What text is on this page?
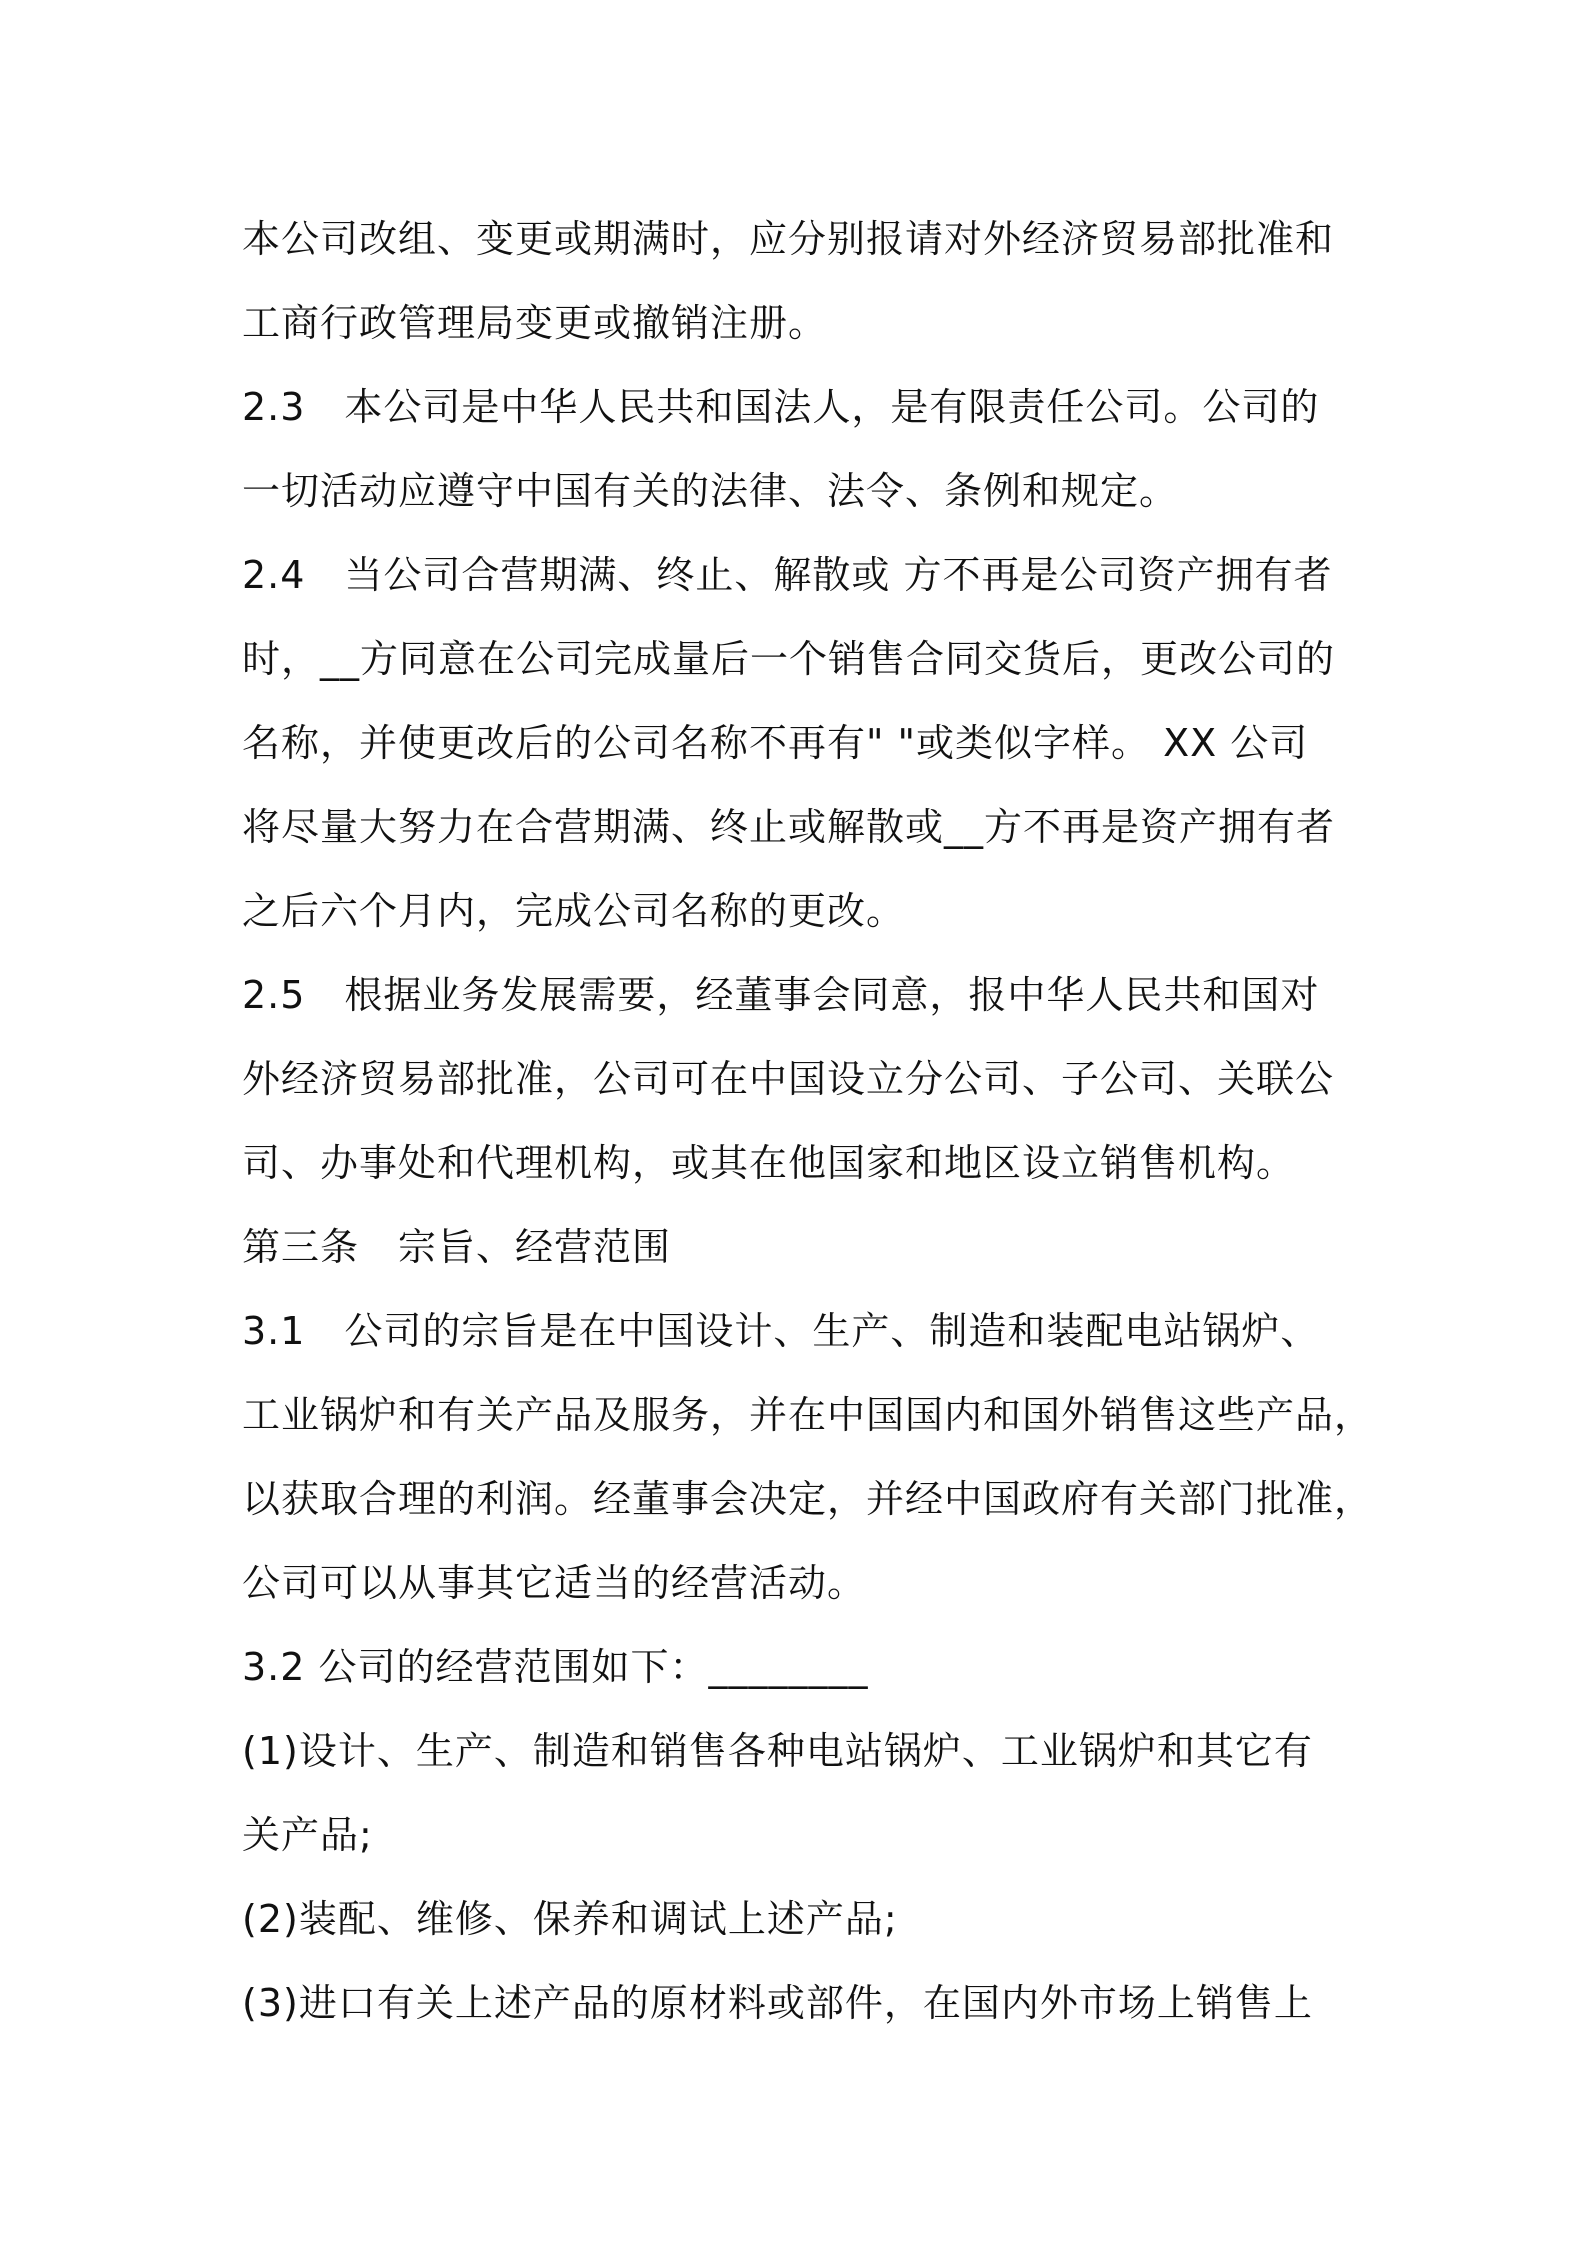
本公司改组、变更或期满时，应分别报请对外经济贸易部批准和
工商行政管理局变更或撤销注册。
2.3　本公司是中华人民共和国法人，是有限责任公司。公司的
一切活动应遵守中国有关的法律、法令、条例和规定。
2.4　当公司合营期满、终止、解散或 方不再是公司资产拥有者
时，__方同意在公司完成量后一个销售合同交货后，更改公司的
名称，并使更改后的公司名称不再有" "或类似字样。 XX 公司
将尽量大努力在合营期满、终止或解散或__方不再是资产拥有者
之后六个月内，完成公司名称的更改。
2.5　根据业务发展需要，经董事会同意，报中华人民共和国对
外经济贸易部批准，公司可在中国设立分公司、子公司、关联公
司、办事处和代理机构，或其在他国家和地区设立销售机构。
第三条　宗旨、经营范围
3.1　公司的宗旨是在中国设计、生产、制造和装配电站锅炉、
工业锅炉和有关产品及服务，并在中国国内和国外销售这些产品，
以获取合理的利润。经董事会决定，并经中国政府有关部门批准，
公司可以从事其它适当的经营活动。
3.2 公司的经营范围如下：________
(1)设计、生产、制造和销售各种电站锅炉、工业锅炉和其它有
关产品;
(2)装配、维修、保养和调试上述产品;
(3)进口有关上述产品的原材料或部件，在国内外市场上销售上
